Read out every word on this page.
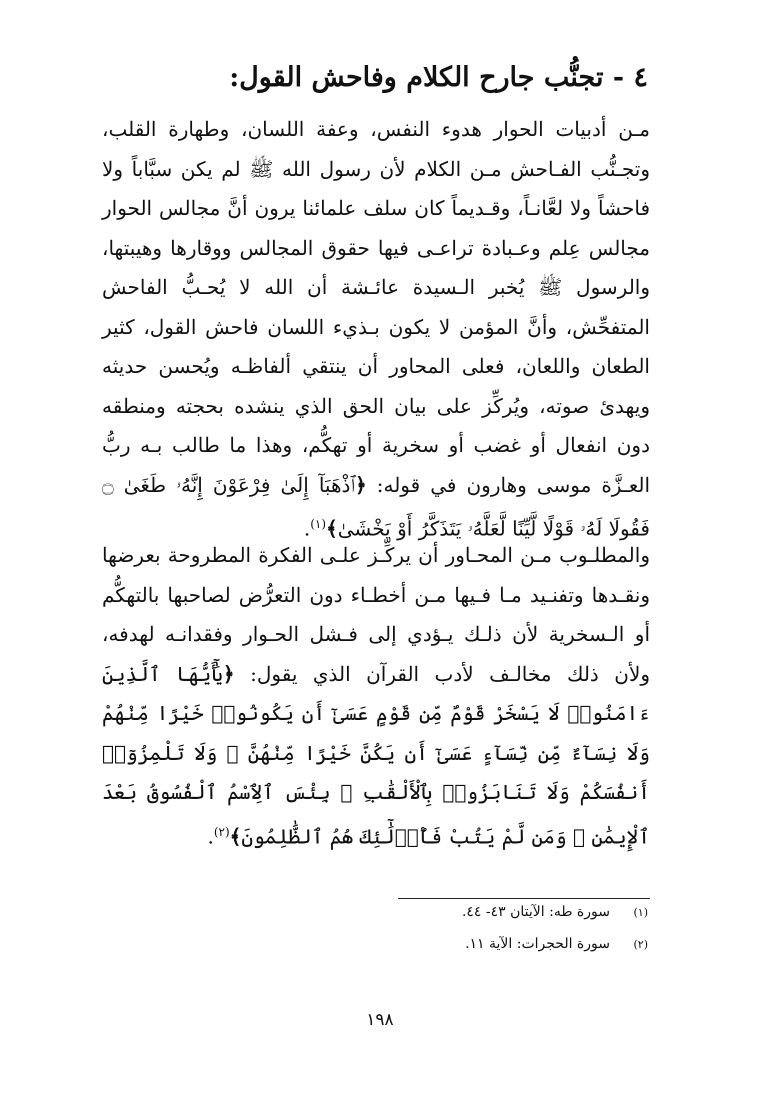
٤ - تجنُّب جارح الكلام وفاحش القول:
مـن أدبيات الحوار هدوء النفس، وعفة اللسان، وطهارة القلب، وتجـنُّب الفـاحش مـن الكلام لأن رسول الله ﷺ لم يكن سبَّاباً ولا فاحشاً ولا لعَّانـاً، وقـديماً كان سلف علمائنا يرون أنَّ مجالس الحوار مجالس عِلم وعـبادة تراعـى فيها حقوق المجالس ووقارها وهيبتها، والرسول ﷺ يُخبر الـسيدة عائـشة أن الله لا يُحـبُّ الفاحش المتفحِّش، وأنَّ المؤمن لا يكون بـذيء اللسان فاحش القول، كثير الطعان واللعان، فعلى المحاور أن ينتقي ألفاظـه ويُحسن حديثه ويهدئ صوته، ويُركِّز على بيان الحق الذي ينشده بحجته ومنطقه دون انفعال أو غضب أو سخرية أو تهكُّم، وهذا ما طالب بـه ربُّ العـزَّة موسى وهارون في قوله: ﴿ٱذْهَبَآ إِلَىٰ فِرْعَوْنَ إِنَّهُۥ طَغَىٰ ۝ فَقُولَا لَهُۥ قَوْلًا لَّيِّنًا لَّعَلَّهُۥ يَتَذَكَّرُ أَوْ يَخْشَىٰ﴾$^{(١)}$.
والمطلـوب مـن المحـاور أن يركِّـز علـى الفكرة المطروحة بعرضها ونقـدها وتفنـيد مـا فـيها مـن أخطـاء دون التعرُّض لصاحبها بالتهكُّم أو الـسخرية لأن ذلـك يـؤدي إلى فـشل الحـوار وفقدانـه لهدفه، ولأن ذلك مخالـف لأدب القرآن الذي يقول: ﴿يَٰٓأَيُّهَا ٱلَّذِينَ ءَامَنُوا۟ لَا يَسْخَرْ قَوْمٌ مِّن قَوْمٍ عَسَىٰٓ أَن يَكُونُوا۟ خَيْرًا مِّنْهُمْ وَلَا نِسَآءٌ مِّن نِّسَآءٍ عَسَىٰٓ أَن يَكُنَّ خَيْرًا مِّنْهُنَّ ۖ وَلَا تَلْمِزُوٓا۟ أَنفُسَكُمْ وَلَا تَنَابَزُوا۟ بِٱلْأَلْقَٰبِ ۖ بِئْسَ ٱلِٱسْمُ ٱلْفُسُوقُ بَعْدَ ٱلْإِيمَٰنِ ۚ وَمَن لَّمْ يَتُبْ فَأُو۟لَٰٓئِكَ هُمُ ٱلظَّٰلِمُونَ﴾$^{(٢)}$.
(١)
سورة طه: الآيتان ٤٣- ٤٤.
(٢)
سورة الحجرات: الآية ١١.
١٩٨
